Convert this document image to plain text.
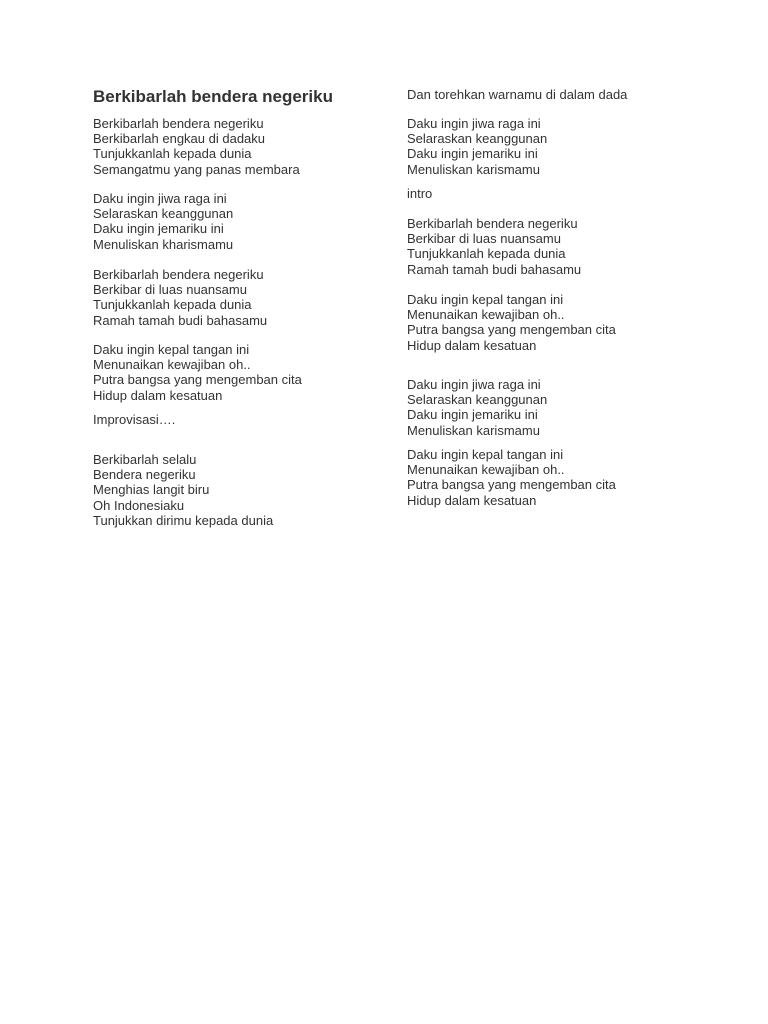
Berkibarlah bendera negeriku
Berkibarlah bendera negeriku
Berkibarlah engkau di dadaku
Tunjukkanlah kepada dunia
Semangatmu yang panas membara
Daku ingin jiwa raga ini
Selaraskan keanggunan
Daku ingin jemariku ini
Menuliskan kharismamu
Berkibarlah bendera negeriku
Berkibar di luas nuansamu
Tunjukkanlah kepada dunia
Ramah tamah budi bahasamu
Daku ingin kepal tangan ini
Menunaikan kewajiban oh..
Putra bangsa yang mengemban cita
Hidup dalam kesatuan
Improvisasi….
Berkibarlah selalu
Bendera negeriku
Menghias langit biru
Oh Indonesiaku
Tunjukkan dirimu kepada dunia
Dan torehkan warnamu di dalam dada
Daku ingin jiwa raga ini
Selaraskan keanggunan
Daku ingin jemariku ini
Menuliskan karismamu
intro
Berkibarlah bendera negeriku
Berkibar di luas nuansamu
Tunjukkanlah kepada dunia
Ramah tamah budi bahasamu
Daku ingin kepal tangan ini
Menunaikan kewajiban oh..
Putra bangsa yang mengemban cita
Hidup dalam kesatuan
Daku ingin jiwa raga ini
Selaraskan keanggunan
Daku ingin jemariku ini
Menuliskan karismamu
Daku ingin kepal tangan ini
Menunaikan kewajiban oh..
Putra bangsa yang mengemban cita
Hidup dalam kesatuan
